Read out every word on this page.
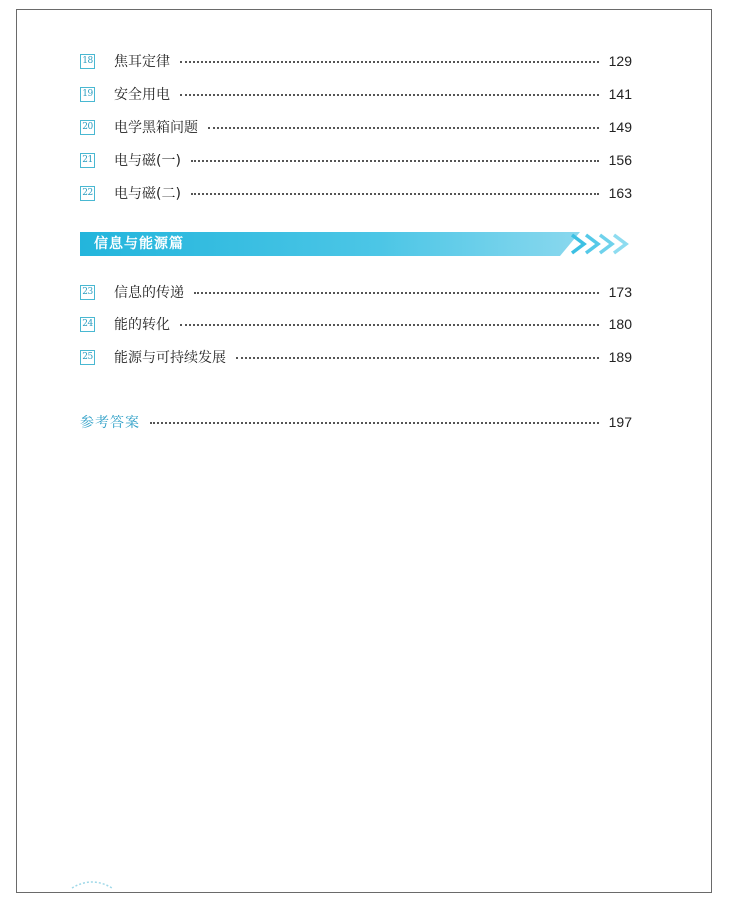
18 焦耳定律	129
19 安全用电	141
20 电学黑箱问题	149
21 电与磁(一)	156
22 电与磁(二)	163
信息与能源篇
23 信息的传递	173
24 能的转化	180
25 能源与可持续发展	189
参考答案	197
